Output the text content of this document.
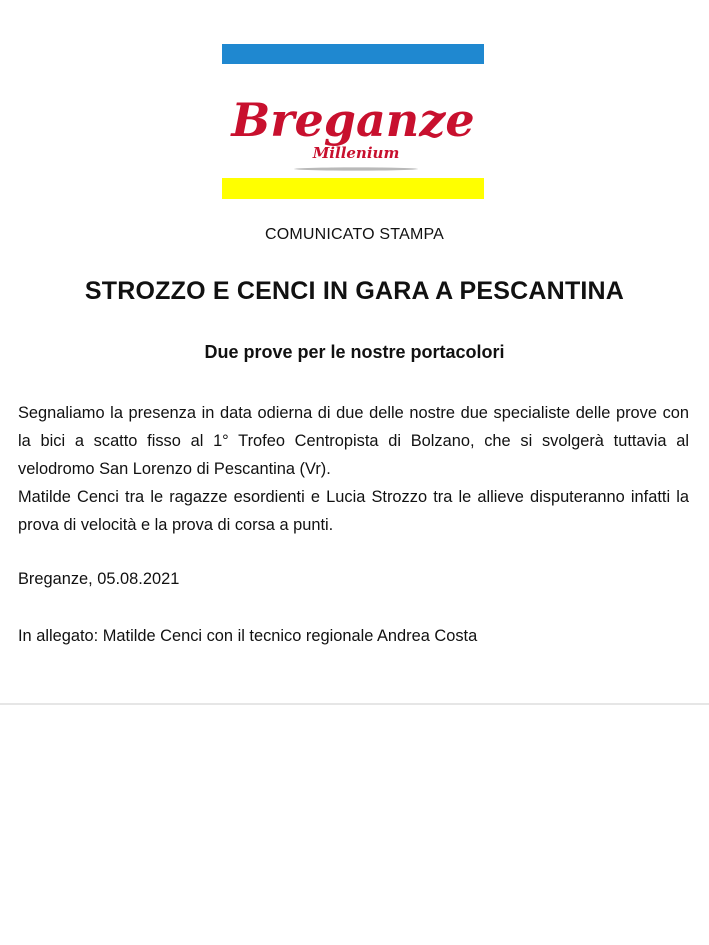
Breganze
Millenium
COMUNICATO STAMPA
STROZZO E CENCI IN GARA A PESCANTINA
Due prove per le nostre portacolori

Segnaliamo la presenza in data odierna di due delle nostre due specialiste delle prove con la bici a scatto fisso al 1° Trofeo Centropista di Bolzano, che si svolgerà tuttavia al velodromo San Lorenzo di Pescantina (Vr).

Matilde Cenci tra le ragazze esordienti e Lucia Strozzo tra le allieve disputeranno infatti la prova di velocità e la prova di corsa a punti.

Breganze, 05.08.2021
In allegato: Matilde Cenci con il tecnico regionale Andrea Costa
